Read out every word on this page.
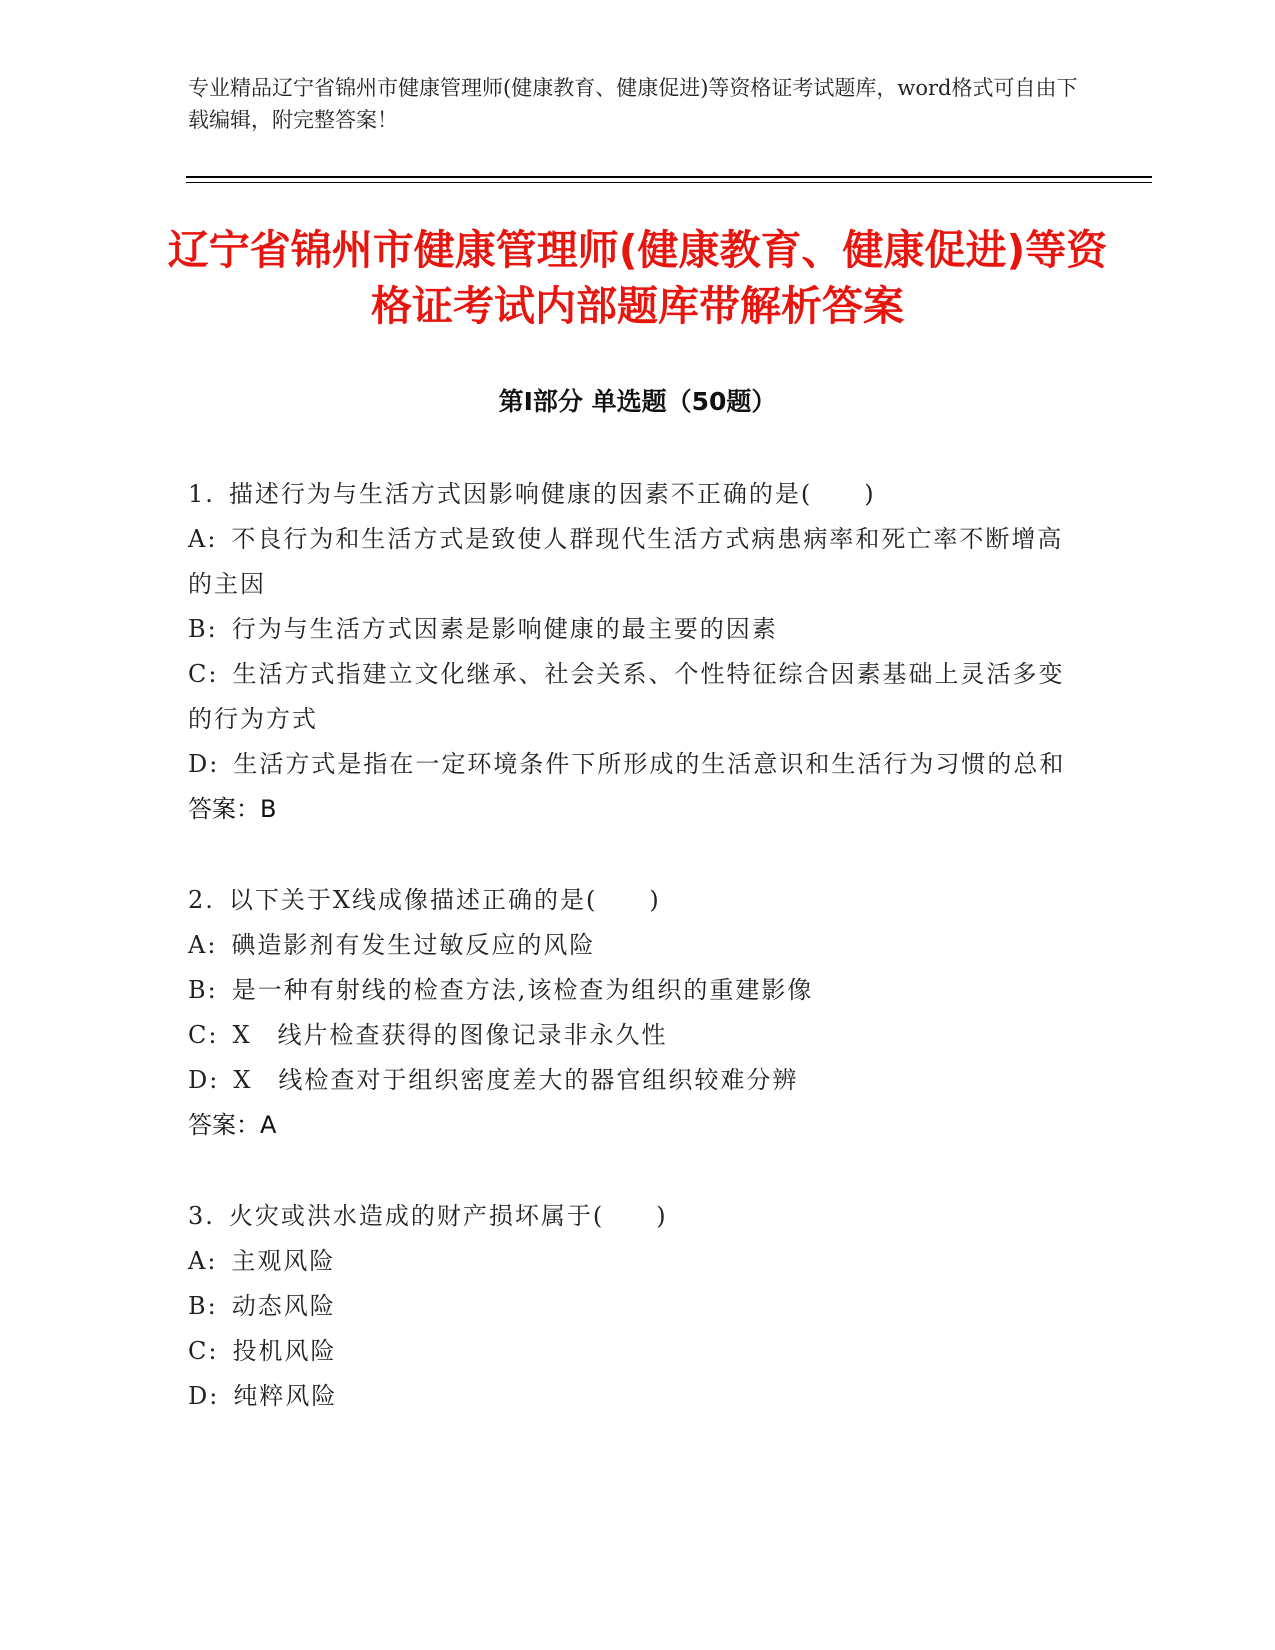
专业精品辽宁省锦州市健康管理师(健康教育、健康促进)等资格证考试题库，word格式可自由下载编辑，附完整答案！
辽宁省锦州市健康管理师(健康教育、健康促进)等资格证考试内部题库带解析答案
第Ⅰ部分 单选题（50题）

1. 描述行为与生活方式因影响健康的因素不正确的是(　　)

A: 不良行为和生活方式是致使人群现代生活方式病患病率和死亡率不断增高的主因

B: 行为与生活方式因素是影响健康的最主要的因素

C: 生活方式指建立文化继承、社会关系、个性特征综合因素基础上灵活多变的行为方式

D: 生活方式是指在一定环境条件下所形成的生活意识和生活行为习惯的总和

答案：B

2. 以下关于X线成像描述正确的是(　　)

A: 碘造影剂有发生过敏反应的风险

B: 是一种有射线的检查方法,该检查为组织的重建影像

C: X　线片检查获得的图像记录非永久性

D: X　线检查对于组织密度差大的器官组织较难分辨

答案：A

3. 火灾或洪水造成的财产损坏属于(　　)

A: 主观风险

B: 动态风险

C: 投机风险

D: 纯粹风险
